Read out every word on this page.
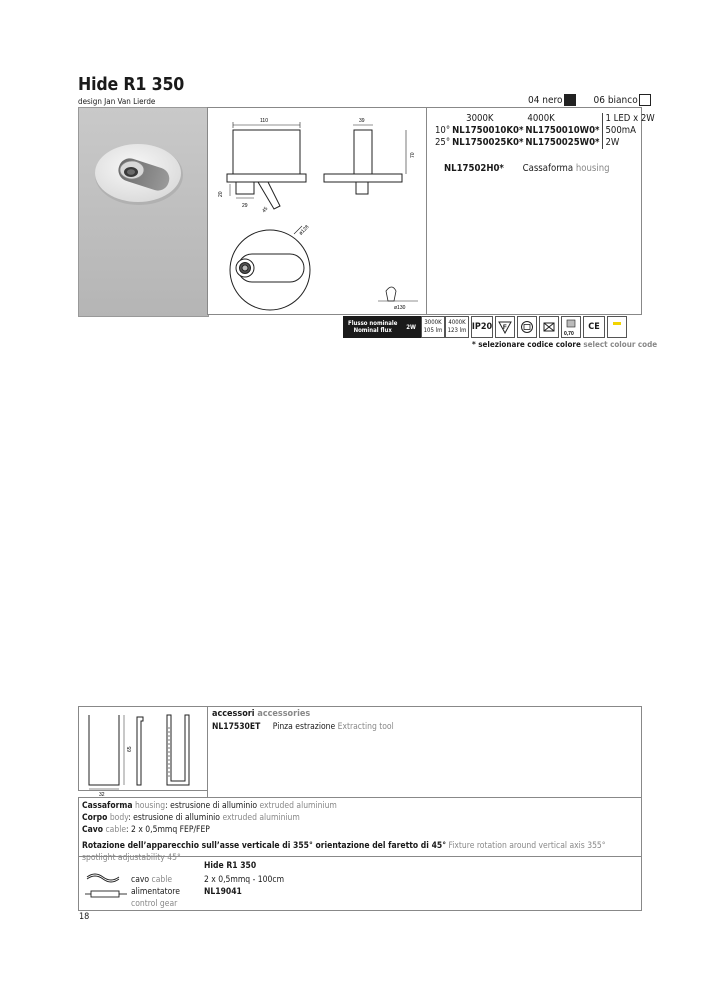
Hide R1 350
design Jan Van Lierde	04 nero	06 bianco
110
20
29	45
39
70
ø128
ø130
	3000K	4000K	1 LED x 2W
10°	NL1750010K0*	NL1750010W0*	500mA
25°	NL1750025K0*	NL1750025W0*	2W
NL17502H0* Cassaforma housing
Flusso nominale
Nominal flux	2W
3000K
105 lm
4000K
123 lm IP20 F
0,70
CE
* selezionare codice colore select colour code
32
65
accessori accessories
NL17530ET Pinza estrazione Extracting tool
Cassaforma housing: estrusione di alluminio extruded aluminium
Corpo body: estrusione di alluminio extruded aluminium
Cavo cable: 2 x 0,5mmq FEP/FEP
Rotazione dell’apparecchio sull’asse verticale di 355° orientazione del faretto di 45° Fixture rotation around vertical axis 355° spotlight adjustability 45°
Hide R1 350
cavo cable	2 x 0,5mmq - 100cm
alimentatore	NL19041
control gear
18
